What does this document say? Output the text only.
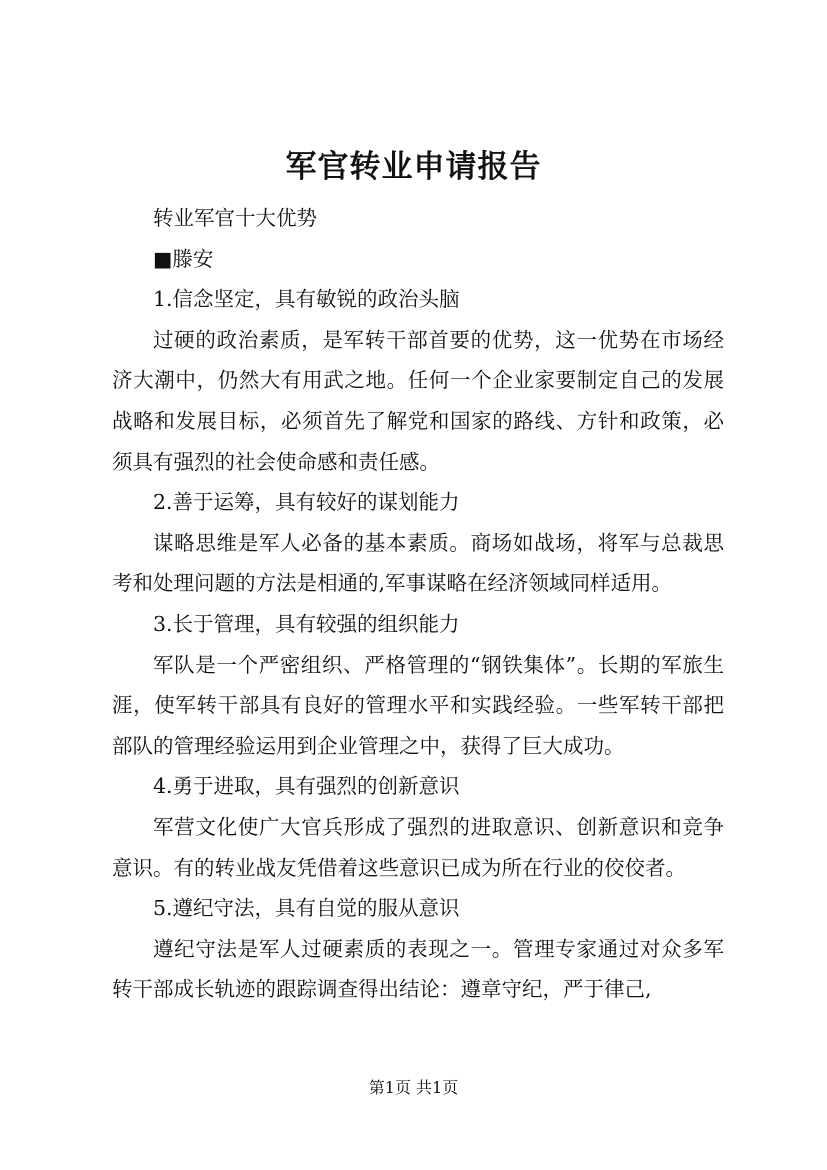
军官转业申请报告

转业军官十大优势

■滕安

1.信念坚定，具有敏锐的政治头脑

过硬的政治素质，是军转干部首要的优势，这一优势在市场经济大潮中，仍然大有用武之地。任何一个企业家要制定自己的发展战略和发展目标，必须首先了解党和国家的路线、方针和政策，必须具有强烈的社会使命感和责任感。

2.善于运筹，具有较好的谋划能力

谋略思维是军人必备的基本素质。商场如战场，将军与总裁思考和处理问题的方法是相通的,军事谋略在经济领域同样适用。

3.长于管理，具有较强的组织能力

军队是一个严密组织、严格管理的“钢铁集体”。长期的军旅生涯，使军转干部具有良好的管理水平和实践经验。一些军转干部把部队的管理经验运用到企业管理之中，获得了巨大成功。

4.勇于进取，具有强烈的创新意识

军营文化使广大官兵形成了强烈的进取意识、创新意识和竞争意识。有的转业战友凭借着这些意识已成为所在行业的佼佼者。

5.遵纪守法，具有自觉的服从意识

遵纪守法是军人过硬素质的表现之一。管理专家通过对众多军转干部成长轨迹的跟踪调查得出结论：遵章守纪，严于律己,

第1页 共1页
